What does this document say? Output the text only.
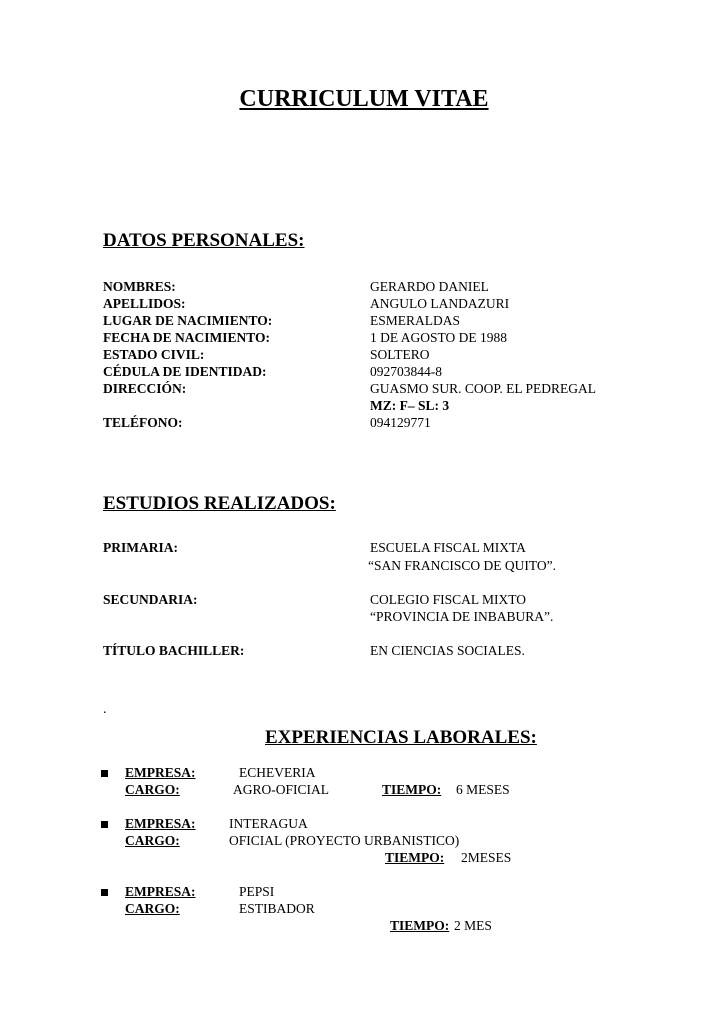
CURRICULUM VITAE
DATOS PERSONALES:
NOMBRES:	GERARDO DANIEL
APELLIDOS:	ANGULO LANDAZURI
LUGAR DE NACIMIENTO:	ESMERALDAS
FECHA DE NACIMIENTO:	1 DE AGOSTO DE 1988
ESTADO CIVIL:	SOLTERO
CÉDULA DE IDENTIDAD:	092703844-8
DIRECCIÓN:	GUASMO SUR. COOP. EL PEDREGAL
MZ: F– SL: 3
TELÉFONO:	094129771
ESTUDIOS REALIZADOS:
PRIMARIA:	ESCUELA FISCAL MIXTA
“SAN FRANCISCO DE QUITO”.
SECUNDARIA:	COLEGIO FISCAL MIXTO
“PROVINCIA DE INBABURA”.
TÍTULO BACHILLER:	EN CIENCIAS SOCIALES.
.
EXPERIENCIAS LABORALES:
EMPRESA:	ECHEVERIA
CARGO:	AGRO-OFICIAL	TIEMPO: 6 MESES
EMPRESA: INTERAGUA
CARGO:	OFICIAL (PROYECTO URBANISTICO)
TIEMPO: 2MESES
EMPRESA:	PEPSI
CARGO:	ESTIBADOR
TIEMPO: 2 MES
